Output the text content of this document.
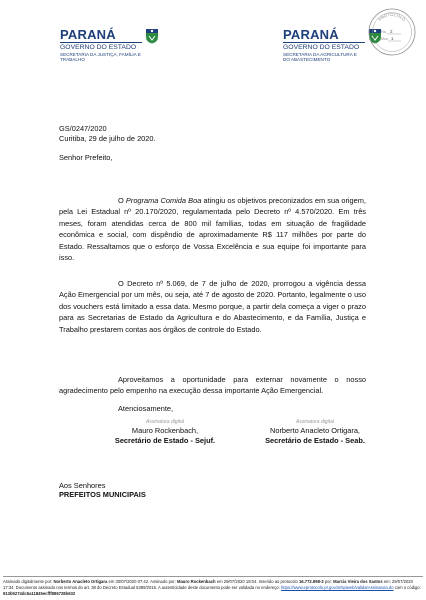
PARANÁ
GOVERNO DO ESTADO
SECRETARIA DA JUSTIÇA, FAMÍLIA E TRABALHO
PARANÁ
GOVERNO DO ESTADO
SECRETARIA DA AGRICULTURA E DO ABASTECIMENTO
PROTOCOLO
Fls. 2
Mov. 1
GS/0247/2020
Curitiba, 29 de julho de 2020.
Senhor Prefeito,
O Programa Comida Boa atingiu os objetivos preconizados em sua origem, pela Lei Estadual nº 20.170/2020, regulamentada pelo Decreto nº 4.570/2020. Em três meses, foram atendidas cerca de 800 mil famílias, todas em situação de fragilidade econômica e social, com dispêndio de aproximadamente R$ 117 milhões por parte do Estado. Ressaltamos que o esforço de Vossa Excelência e sua equipe foi importante para isso.
O Decreto nº 5.069, de 7 de julho de 2020, prorrogou a vigência dessa Ação Emergencial por um mês, ou seja, até 7 de agosto de 2020. Portanto, legalmente o uso dos vouchers está limitado a essa data. Mesmo porque, a partir dela começa a viger o prazo para as Secretarias de Estado da Agricultura e do Abastecimento, e da Família, Justiça e Trabalho prestarem contas aos órgãos de controle do Estado.
Aproveitamos a oportunidade para externar novamente o nosso agradecimento pelo empenho na execução dessa importante Ação Emergencial.
Atenciosamente,
Assinatura digital
Mauro Rockenbach,
Secretário de Estado - Sejuf.
Assinatura digital
Norberto Anacleto Ortigara,
Secretário de Estado - Seab.
Aos Senhores
PREFEITOS MUNICIPAIS
Assinado digitalmente por: Norberto Anacleto Ortigara em 30/07/2020 07:42. Assinado por: Mauro Rockenbach em 29/07/2020 18:04. Inserido ao protocolo 16.772.998-3 por: Marcia Vieira dos Santos em: 29/07/2020 17:34. Documento assinado nos termos do art. 38 do Decreto Estadual 5389/2016. A autenticidade deste documento pode ser validada no endereço: https://www.eprotocolo.pr.gov.br/spiweb/validarAssinatura.do com o código: 913b5274dc5a11845ecfff886728b632
